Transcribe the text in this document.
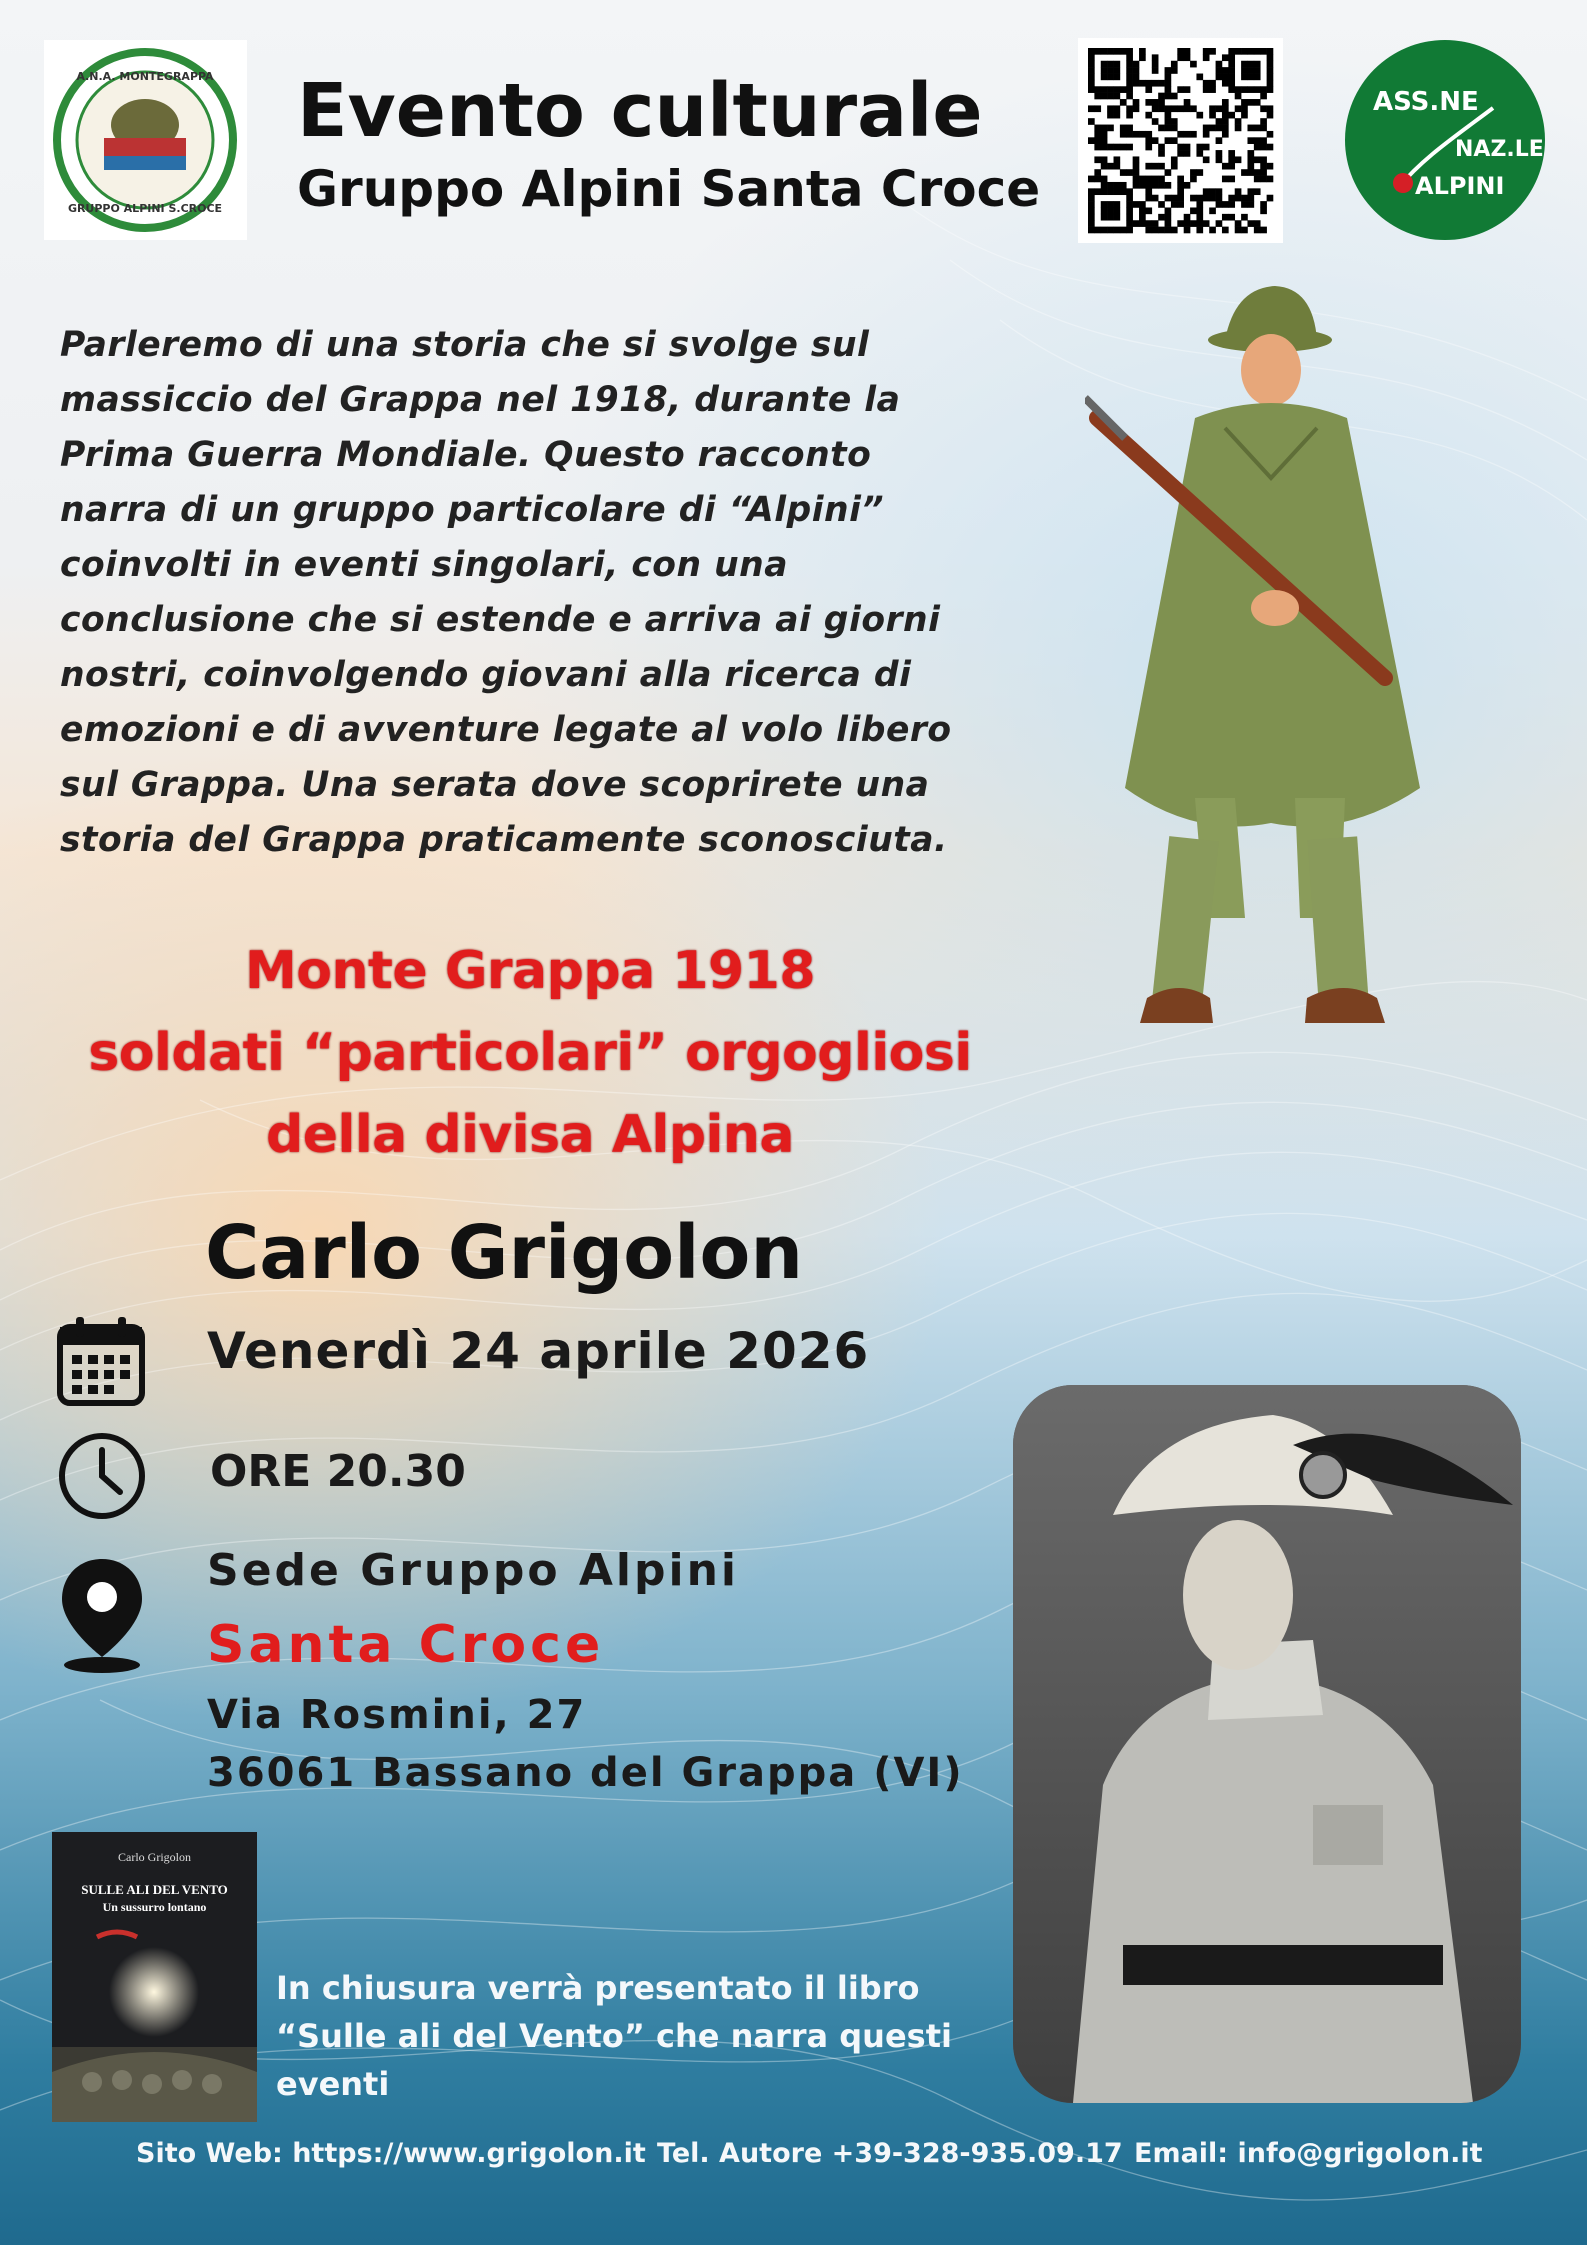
A.N.A. MONTEGRAPPA
GRUPPO ALPINI S.CROCE
Evento culturale
Gruppo Alpini Santa Croce
ASS.NE
NAZ.LE
ALPINI

Parleremo di una storia che si svolge sul

massiccio del Grappa nel 1918, durante la

Prima Guerra Mondiale. Questo racconto

narra di un gruppo particolare di “Alpini”

coinvolti in eventi singolari, con una

conclusione che si estende e arriva ai giorni

nostri, coinvolgendo giovani alla ricerca di

emozioni e di avventure legate al volo libero

sul Grappa. Una serata dove scoprirete una

storia del Grappa praticamente sconosciuta.

Monte Grappa 1918
soldati “particolari” orgogliosi
della divisa Alpina
Carlo Grigolon
Venerdì 24 aprile 2026
ORE 20.30
Sede Gruppo Alpini
Santa Croce
Via Rosmini, 27
36061 Bassano del Grappa (VI)
Carlo Grigolon
SULLE ALI DEL VENTO
Un sussurro lontano
In chiusura verrà presentato il libro
“Sulle ali del Vento” che narra questi
eventi
Sito Web: https://www.grigolon.it Tel. Autore +39-328-935.09.17 Email: info@grigolon.it
